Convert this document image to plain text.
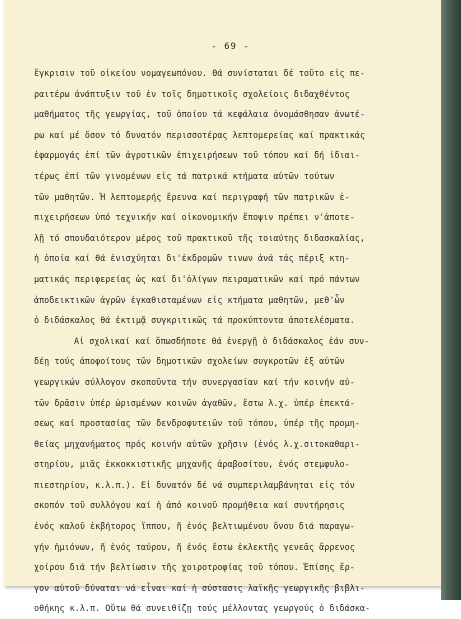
- 69 -
ἔγκρισιν τοῦ οἰκείου νομαγεωπόνου. Θά συνίσταται δέ τοῦτο εἰς πε-
ραιτέρω ἀνάπτυξιν τοῦ ἐν τοῖς δημοτικοῖς σχολείοις διδαχθέντος
μαθήματος τῆς γεωργίας, τοῦ ὁποίου τά κεφάλαια ὀνομάσθησαν ἀνωτέ-
ρω καί μέ ὅσον τό δυνατόν περισσοτέρας λεπτομερείας καί πρακτικάς
ἐφαρμογάς ἐπί τῶν ἀγροτικῶν ἐπιχειρήσεων τοῦ τόπου καί δή ἰδιαι-
τέρως ἐπί τῶν γινομένων εἰς τά πατρικά κτήματα αὐτῶν τούτων
τῶν μαθητῶν. Ἡ λεπτομερής ἔρευνα καί περιγραφή τῶν πατρικῶν ἐ-
πιχειρήσεων ὑπό τεχνικήν καί οἰκονομικήν ἔποψιν πρέπει ν'ἀποτε-
λῇ τό σπουδαιότερον μέρος τοῦ πρακτικοῦ τῆς τοιαύτης διδασκαλίας,
ἡ ὁποία καί θά ἐνισχύηται δι'ἐκδρομῶν τινων ἀνά τάς πέριξ κτη-
ματικάς περιφερείας ὡς καί δι'ὀλίγων πειραματικῶν καί πρό πάντων
ἀποδεικτικῶν ἀγρῶν ἐγκαθισταμένων εἰς κτήματα μαθητῶν, μεθ'ὧν
ὁ διδάσκαλος θά ἐκτιμᾷ συγκριτικῶς τά προκύπτοντα ἀποτελέσματα.
Αἱ σχολικαί καί ὅπωσδήποτε θά ἐνεργῇ ὁ διδάσκαλος ἐάν συν-
δέῃ τούς ἀποφοίτους τῶν δημοτικῶν σχολείων συγκροτῶν ἐξ αὐτῶν
γεωργικών σύλλογον σκοποῦντα τήν συνεργασίαν καί τήν κοινήν αὐ-
τῶν δρᾶσιν ὑπέρ ὡρισμένων κοινῶν ἀγαθῶν, ἔστω λ.χ. ὑπέρ ἐπεκτά-
σεως καί προστασίας τῶν δενδροφυτειῶν τοῦ τόπου, ὑπέρ τῆς προμη-
θείας μηχανήματος πρός κοινήν αὐτῶν χρῆσιν (ἑνός λ.χ.σιτοκαθαρι-
στηρίου, μιᾶς ἐκκοκκιστικῆς μηχανῆς ἀραβοσίτου, ἑνός στεμφυλο-
πιεστηρίου, κ.λ.π.). Εἰ δυνατόν δέ νά συμπεριλαμβάνηται εἰς τόν
σκοπόν τοῦ συλλόγου καί ἡ ἀπό κοινοῦ προμήθεια καί συντήρησις
ἑνός καλοῦ ἐκβήτορος ἵππου, ἤ ἑνός βελτιωμένου ὄνου διά παραγω-
γήν ἡμιόνων, ἤ ἑνός ταύρου, ἤ ἑνός ἔστω ἐκλεκτῆς γενεᾶς ἄρρενος
χοίρου διά τήν βελτίωσιν τῆς χοιροτροφίας τοῦ τόπου. Ἐπίσης ἔρ-
γον αὐτοῦ δύναται νά εἶναι καί ἡ σύστασις λαϊκῆς γεωργικῆς βιβλι-
οθήκης κ.λ.π. Οὕτω θά συνειθίζῃ τούς μέλλοντας γεωργούς ὁ διδάσκα-
